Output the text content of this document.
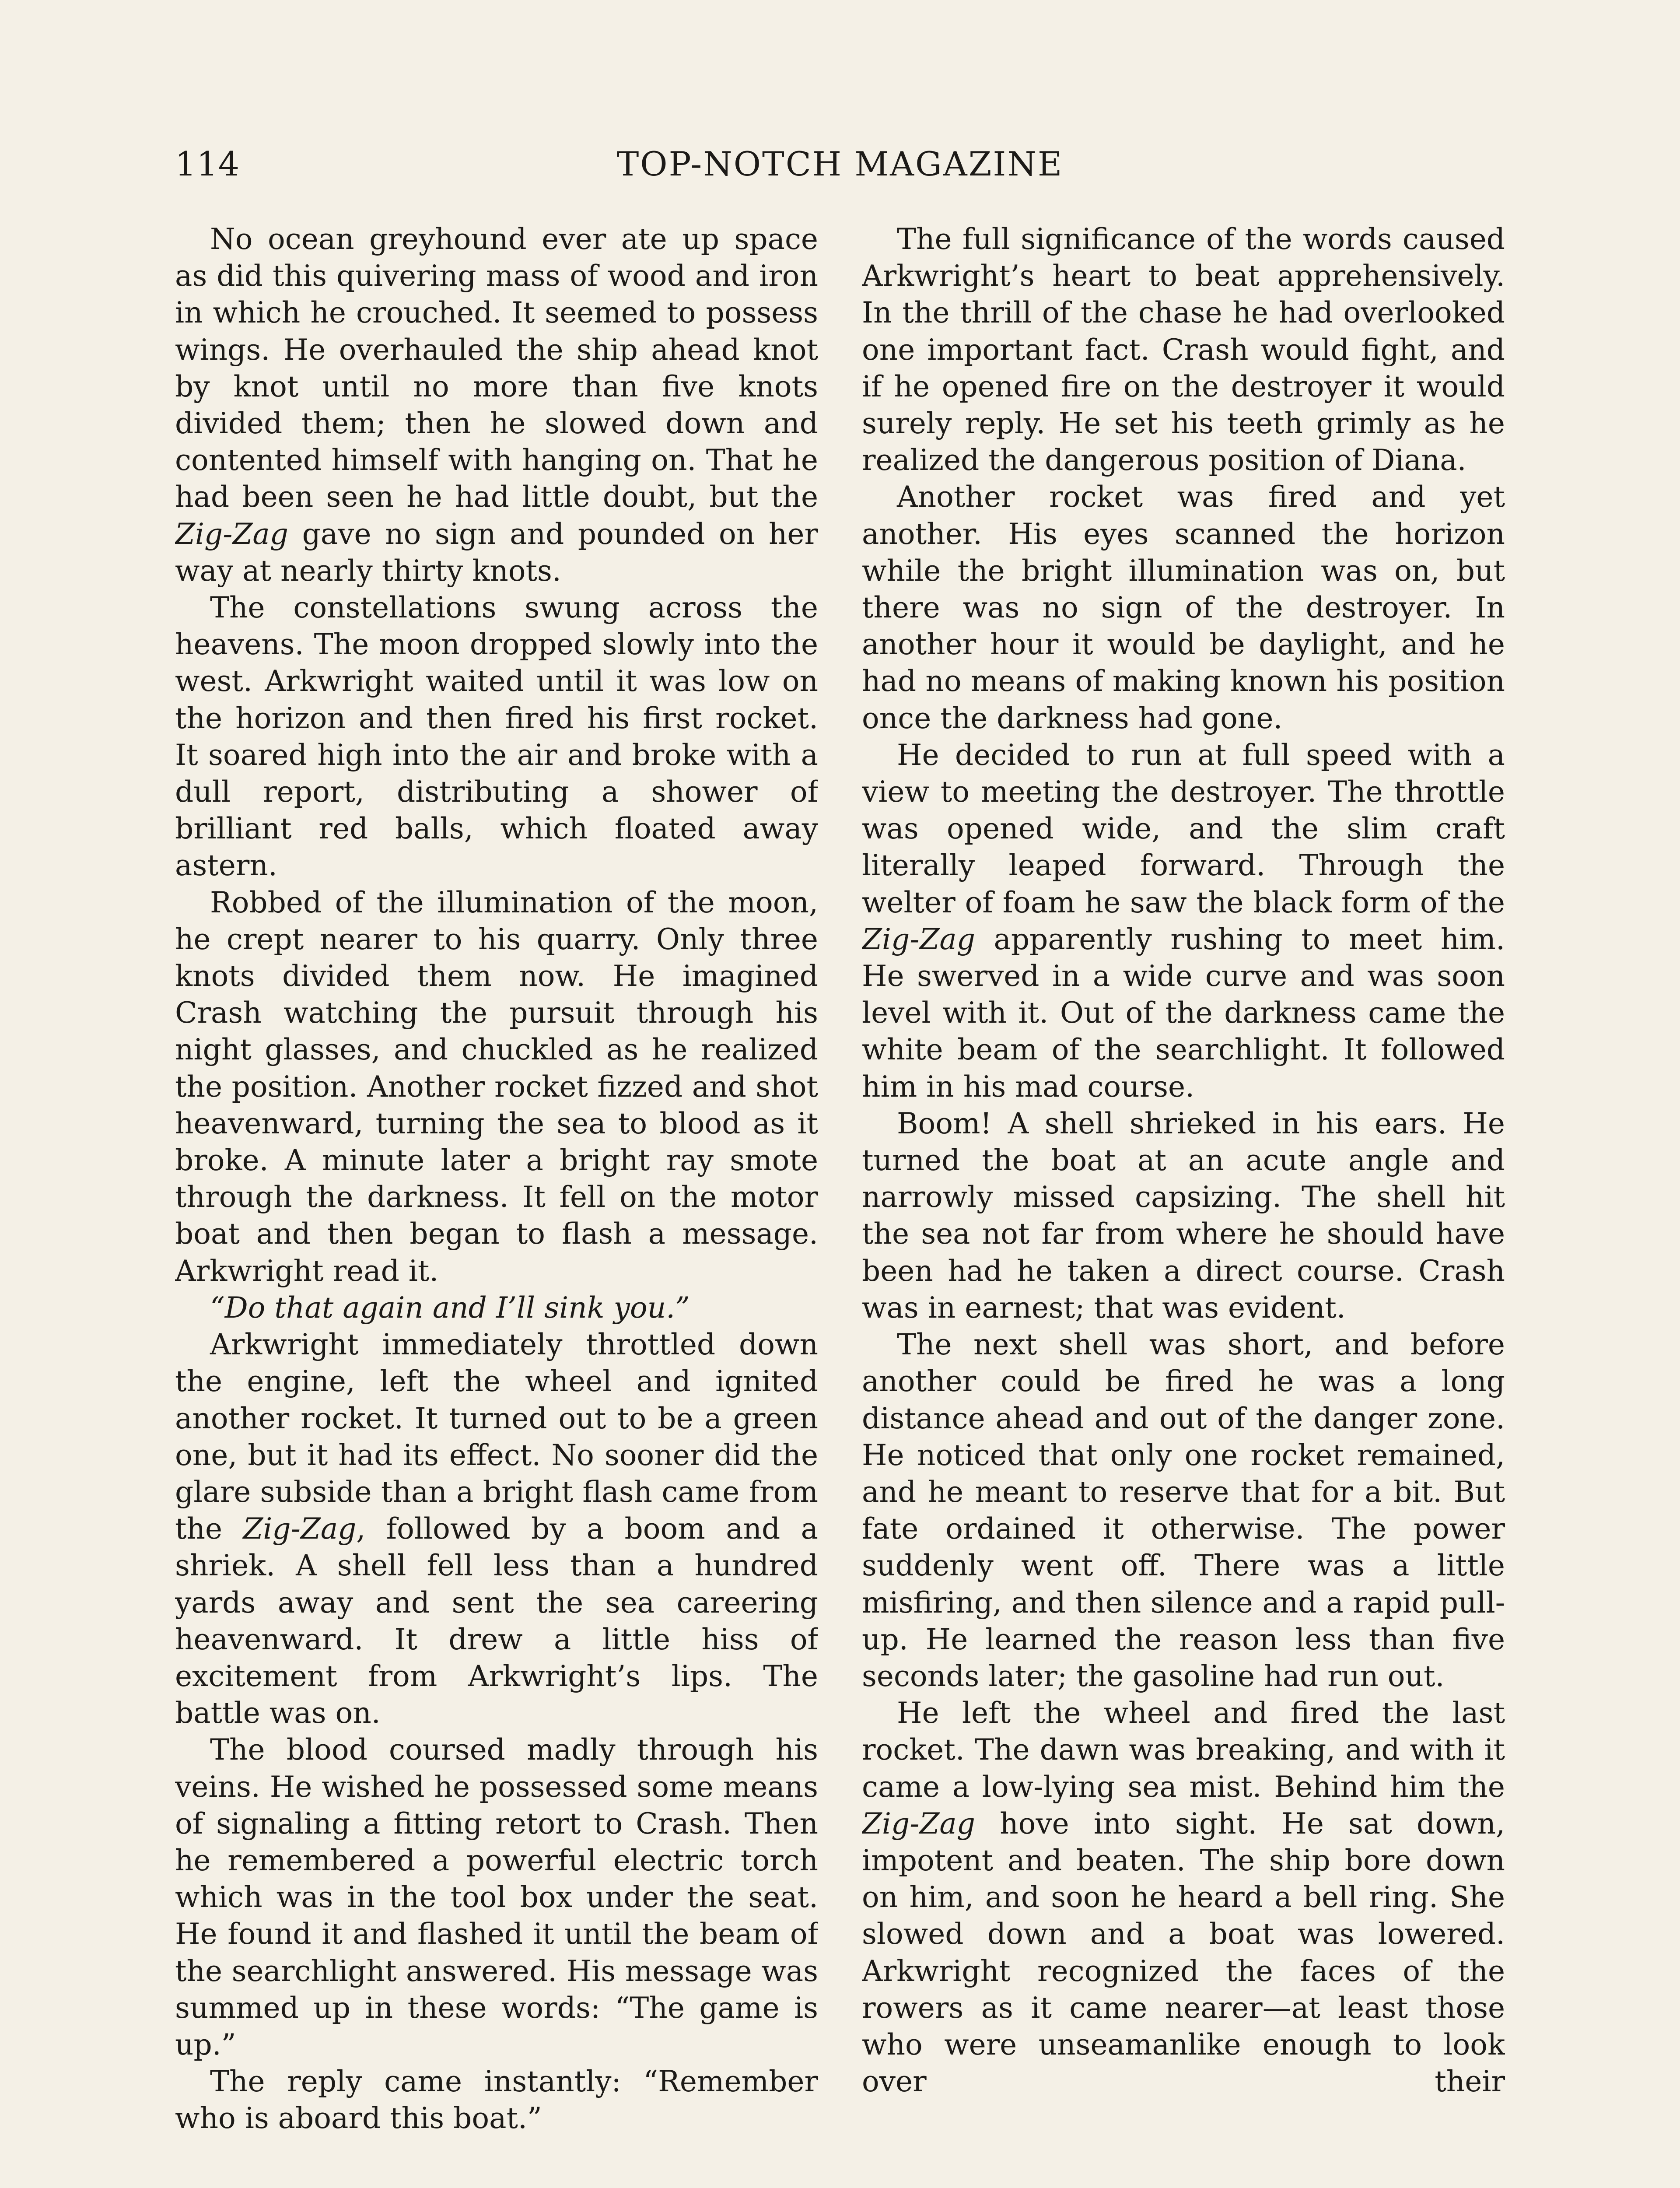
114	TOP-NOTCH MAGAZINE

No ocean greyhound ever ate up space as did this quivering mass of wood and iron in which he crouched. It seemed to possess wings. He overhauled the ship ahead knot by knot until no more than five knots divided them; then he slowed down and contented himself with hanging on. That he had been seen he had little doubt, but the Zig-Zag gave no sign and pounded on her way at nearly thirty knots.

The constellations swung across the heavens. The moon dropped slowly into the west. Arkwright waited until it was low on the horizon and then fired his first rocket. It soared high into the air and broke with a dull report, distributing a shower of brilliant red balls, which floated away astern.

Robbed of the illumination of the moon, he crept nearer to his quarry. Only three knots divided them now. He imagined Crash watching the pursuit through his night glasses, and chuckled as he realized the position. Another rocket fizzed and shot heavenward, turning the sea to blood as it broke. A minute later a bright ray smote through the darkness. It fell on the motor boat and then began to flash a message. Arkwright read it.

“Do that again and I’ll sink you.”

Arkwright immediately throttled down the engine, left the wheel and ignited another rocket. It turned out to be a green one, but it had its effect. No sooner did the glare subside than a bright flash came from the Zig-Zag, followed by a boom and a shriek. A shell fell less than a hundred yards away and sent the sea careering heavenward. It drew a little hiss of excitement from Arkwright’s lips. The battle was on.

The blood coursed madly through his veins. He wished he possessed some means of signaling a fitting retort to Crash. Then he remembered a powerful electric torch which was in the tool box under the seat. He found it and flashed it until the beam of the searchlight answered. His message was summed up in these words: “The game is up.”

The reply came instantly: “Remember who is aboard this boat.”

The full significance of the words caused Arkwright’s heart to beat apprehensively. In the thrill of the chase he had overlooked one important fact. Crash would fight, and if he opened fire on the destroyer it would surely reply. He set his teeth grimly as he realized the dangerous position of Diana.

Another rocket was fired and yet another. His eyes scanned the horizon while the bright illumination was on, but there was no sign of the destroyer. In another hour it would be daylight, and he had no means of making known his position once the darkness had gone.

He decided to run at full speed with a view to meeting the destroyer. The throttle was opened wide, and the slim craft literally leaped forward. Through the welter of foam he saw the black form of the Zig-Zag apparently rushing to meet him. He swerved in a wide curve and was soon level with it. Out of the darkness came the white beam of the searchlight. It followed him in his mad course.

Boom! A shell shrieked in his ears. He turned the boat at an acute angle and narrowly missed capsizing. The shell hit the sea not far from where he should have been had he taken a direct course. Crash was in earnest; that was evident.

The next shell was short, and before another could be fired he was a long distance ahead and out of the danger zone. He noticed that only one rocket remained, and he meant to reserve that for a bit. But fate ordained it otherwise. The power suddenly went off. There was a little misfiring, and then silence and a rapid pull-up. He learned the reason less than five seconds later; the gasoline had run out.

He left the wheel and fired the last rocket. The dawn was breaking, and with it came a low-lying sea mist. Behind him the Zig-Zag hove into sight. He sat down, impotent and beaten. The ship bore down on him, and soon he heard a bell ring. She slowed down and a boat was lowered. Arkwright recognized the faces of the rowers as it came nearer—at least those who were unseamanlike enough to look over their
